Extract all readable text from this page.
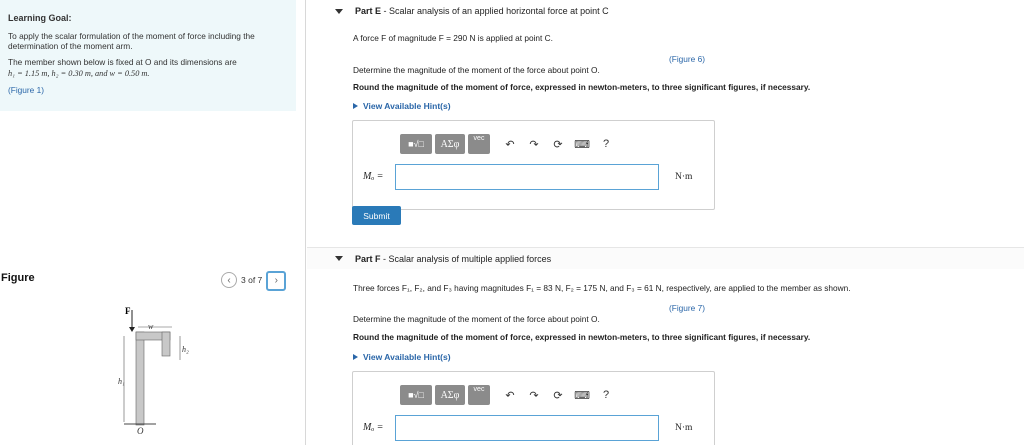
Learning Goal:
To apply the scalar formulation of the moment of force including the determination of the moment arm.
The member shown below is fixed at O and its dimensions are
h₁ = 1.15 m, h₂ = 0.30 m, and w = 0.50 m.
(Figure 1)
Figure	‹ 3 of 7 ›
F
w
h₂
h₁
O
Part E - Scalar analysis of an applied horizontal force at point C
A force F of magnitude F = 290 N is applied at point C.
(Figure 6)
Determine the magnitude of the moment of the force about point O.
Round the magnitude of the moment of force, expressed in newton-meters, to three significant figures, if necessary.
View Available Hint(s)
■√□ AΣφ vec ↶ ↷ ⟳ ⌨	?
Mₒ =	N·m
Submit
Part F - Scalar analysis of multiple applied forces
Three forces F₁, F₂, and F₃ having magnitudes F₁ = 83 N, F₂ = 175 N, and F₃ = 61 N, respectively, are applied to the member as shown.
(Figure 7)
Determine the magnitude of the moment of the force about point O.
Round the magnitude of the moment of force, expressed in newton-meters, to three significant figures, if necessary.
View Available Hint(s)
■√□ AΣφ vec ↶ ↷ ⟳ ⌨	?
Mₒ =	N·m
